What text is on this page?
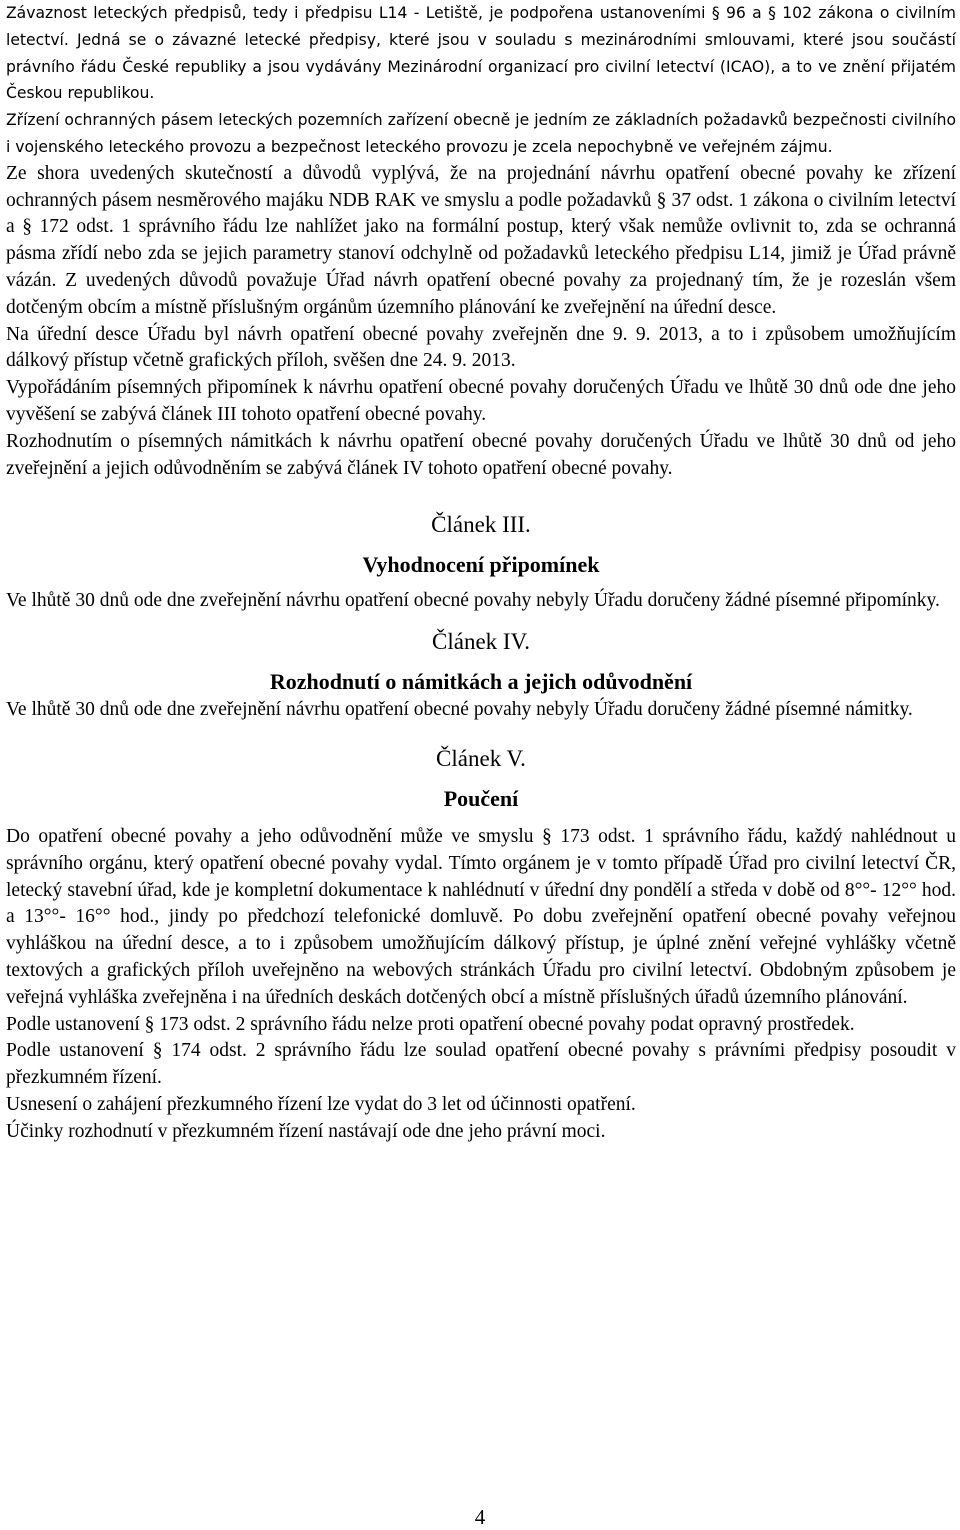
Závaznost leteckých předpisů, tedy i předpisu L14 - Letiště, je podpořena ustanoveními § 96 a § 102 zákona o civilním letectví. Jedná se o závazné letecké předpisy, které jsou v souladu s mezinárodními smlouvami, které jsou součástí právního řádu České republiky a jsou vydávány Mezinárodní organizací pro civilní letectví (ICAO), a to ve znění přijatém Českou republikou.

Zřízení ochranných pásem leteckých pozemních zařízení obecně je jedním ze základních požadavků bezpečnosti civilního i vojenského leteckého provozu a bezpečnost leteckého provozu je zcela nepochybně ve veřejném zájmu.

Ze shora uvedených skutečností a důvodů vyplývá, že na projednání návrhu opatření obecné povahy ke zřízení ochranných pásem nesměrového majáku NDB RAK ve smyslu a podle požadavků § 37 odst. 1 zákona o civilním letectví a § 172 odst. 1 správního řádu lze nahlížet jako na formální postup, který však nemůže ovlivnit to, zda se ochranná pásma zřídí nebo zda se jejich parametry stanoví odchylně od požadavků leteckého předpisu L14, jimiž je Úřad právně vázán. Z uvedených důvodů považuje Úřad návrh opatření obecné povahy za projednaný tím, že je rozeslán všem dotčeným obcím a místně příslušným orgánům územního plánování ke zveřejnění na úřední desce.

Na úřední desce Úřadu byl návrh opatření obecné povahy zveřejněn dne 9. 9. 2013, a to i způsobem umožňujícím dálkový přístup včetně grafických příloh, svěšen dne 24. 9. 2013.

Vypořádáním písemných připomínek k návrhu opatření obecné povahy doručených Úřadu ve lhůtě 30 dnů ode dne jeho vyvěšení se zabývá článek III tohoto opatření obecné povahy.

Rozhodnutím o písemných námitkách k návrhu opatření obecné povahy doručených Úřadu ve lhůtě 30 dnů od jeho zveřejnění a jejich odůvodněním se zabývá článek IV tohoto opatření obecné povahy.

Článek III.
Vyhodnocení připomínek

Ve lhůtě 30 dnů ode dne zveřejnění návrhu opatření obecné povahy nebyly Úřadu doručeny žádné písemné připomínky.

Článek IV.
Rozhodnutí o námitkách a jejich odůvodnění

Ve lhůtě 30 dnů ode dne zveřejnění návrhu opatření obecné povahy nebyly Úřadu doručeny žádné písemné námitky.

Článek V.
Poučení

Do opatření obecné povahy a jeho odůvodnění může ve smyslu § 173 odst. 1 správního řádu, každý nahlédnout u správního orgánu, který opatření obecné povahy vydal. Tímto orgánem je v tomto případě Úřad pro civilní letectví ČR, letecký stavební úřad, kde je kompletní dokumentace k nahlédnutí v úřední dny pondělí a středa v době od 8°°- 12°° hod. a 13°°- 16°° hod., jindy po předchozí telefonické domluvě. Po dobu zveřejnění opatření obecné povahy veřejnou vyhláškou na úřední desce, a to i způsobem umožňujícím dálkový přístup, je úplné znění veřejné vyhlášky včetně textových a grafických příloh uveřejněno na webových stránkách Úřadu pro civilní letectví. Obdobným způsobem je veřejná vyhláška zveřejněna i na úředních deskách dotčených obcí a místně příslušných úřadů územního plánování.

Podle ustanovení § 173 odst. 2 správního řádu nelze proti opatření obecné povahy podat opravný prostředek.

Podle ustanovení § 174 odst. 2 správního řádu lze soulad opatření obecné povahy s právními předpisy posoudit v přezkumném řízení.

Usnesení o zahájení přezkumného řízení lze vydat do 3 let od účinnosti opatření.

Účinky rozhodnutí v přezkumném řízení nastávají ode dne jeho právní moci.

4
